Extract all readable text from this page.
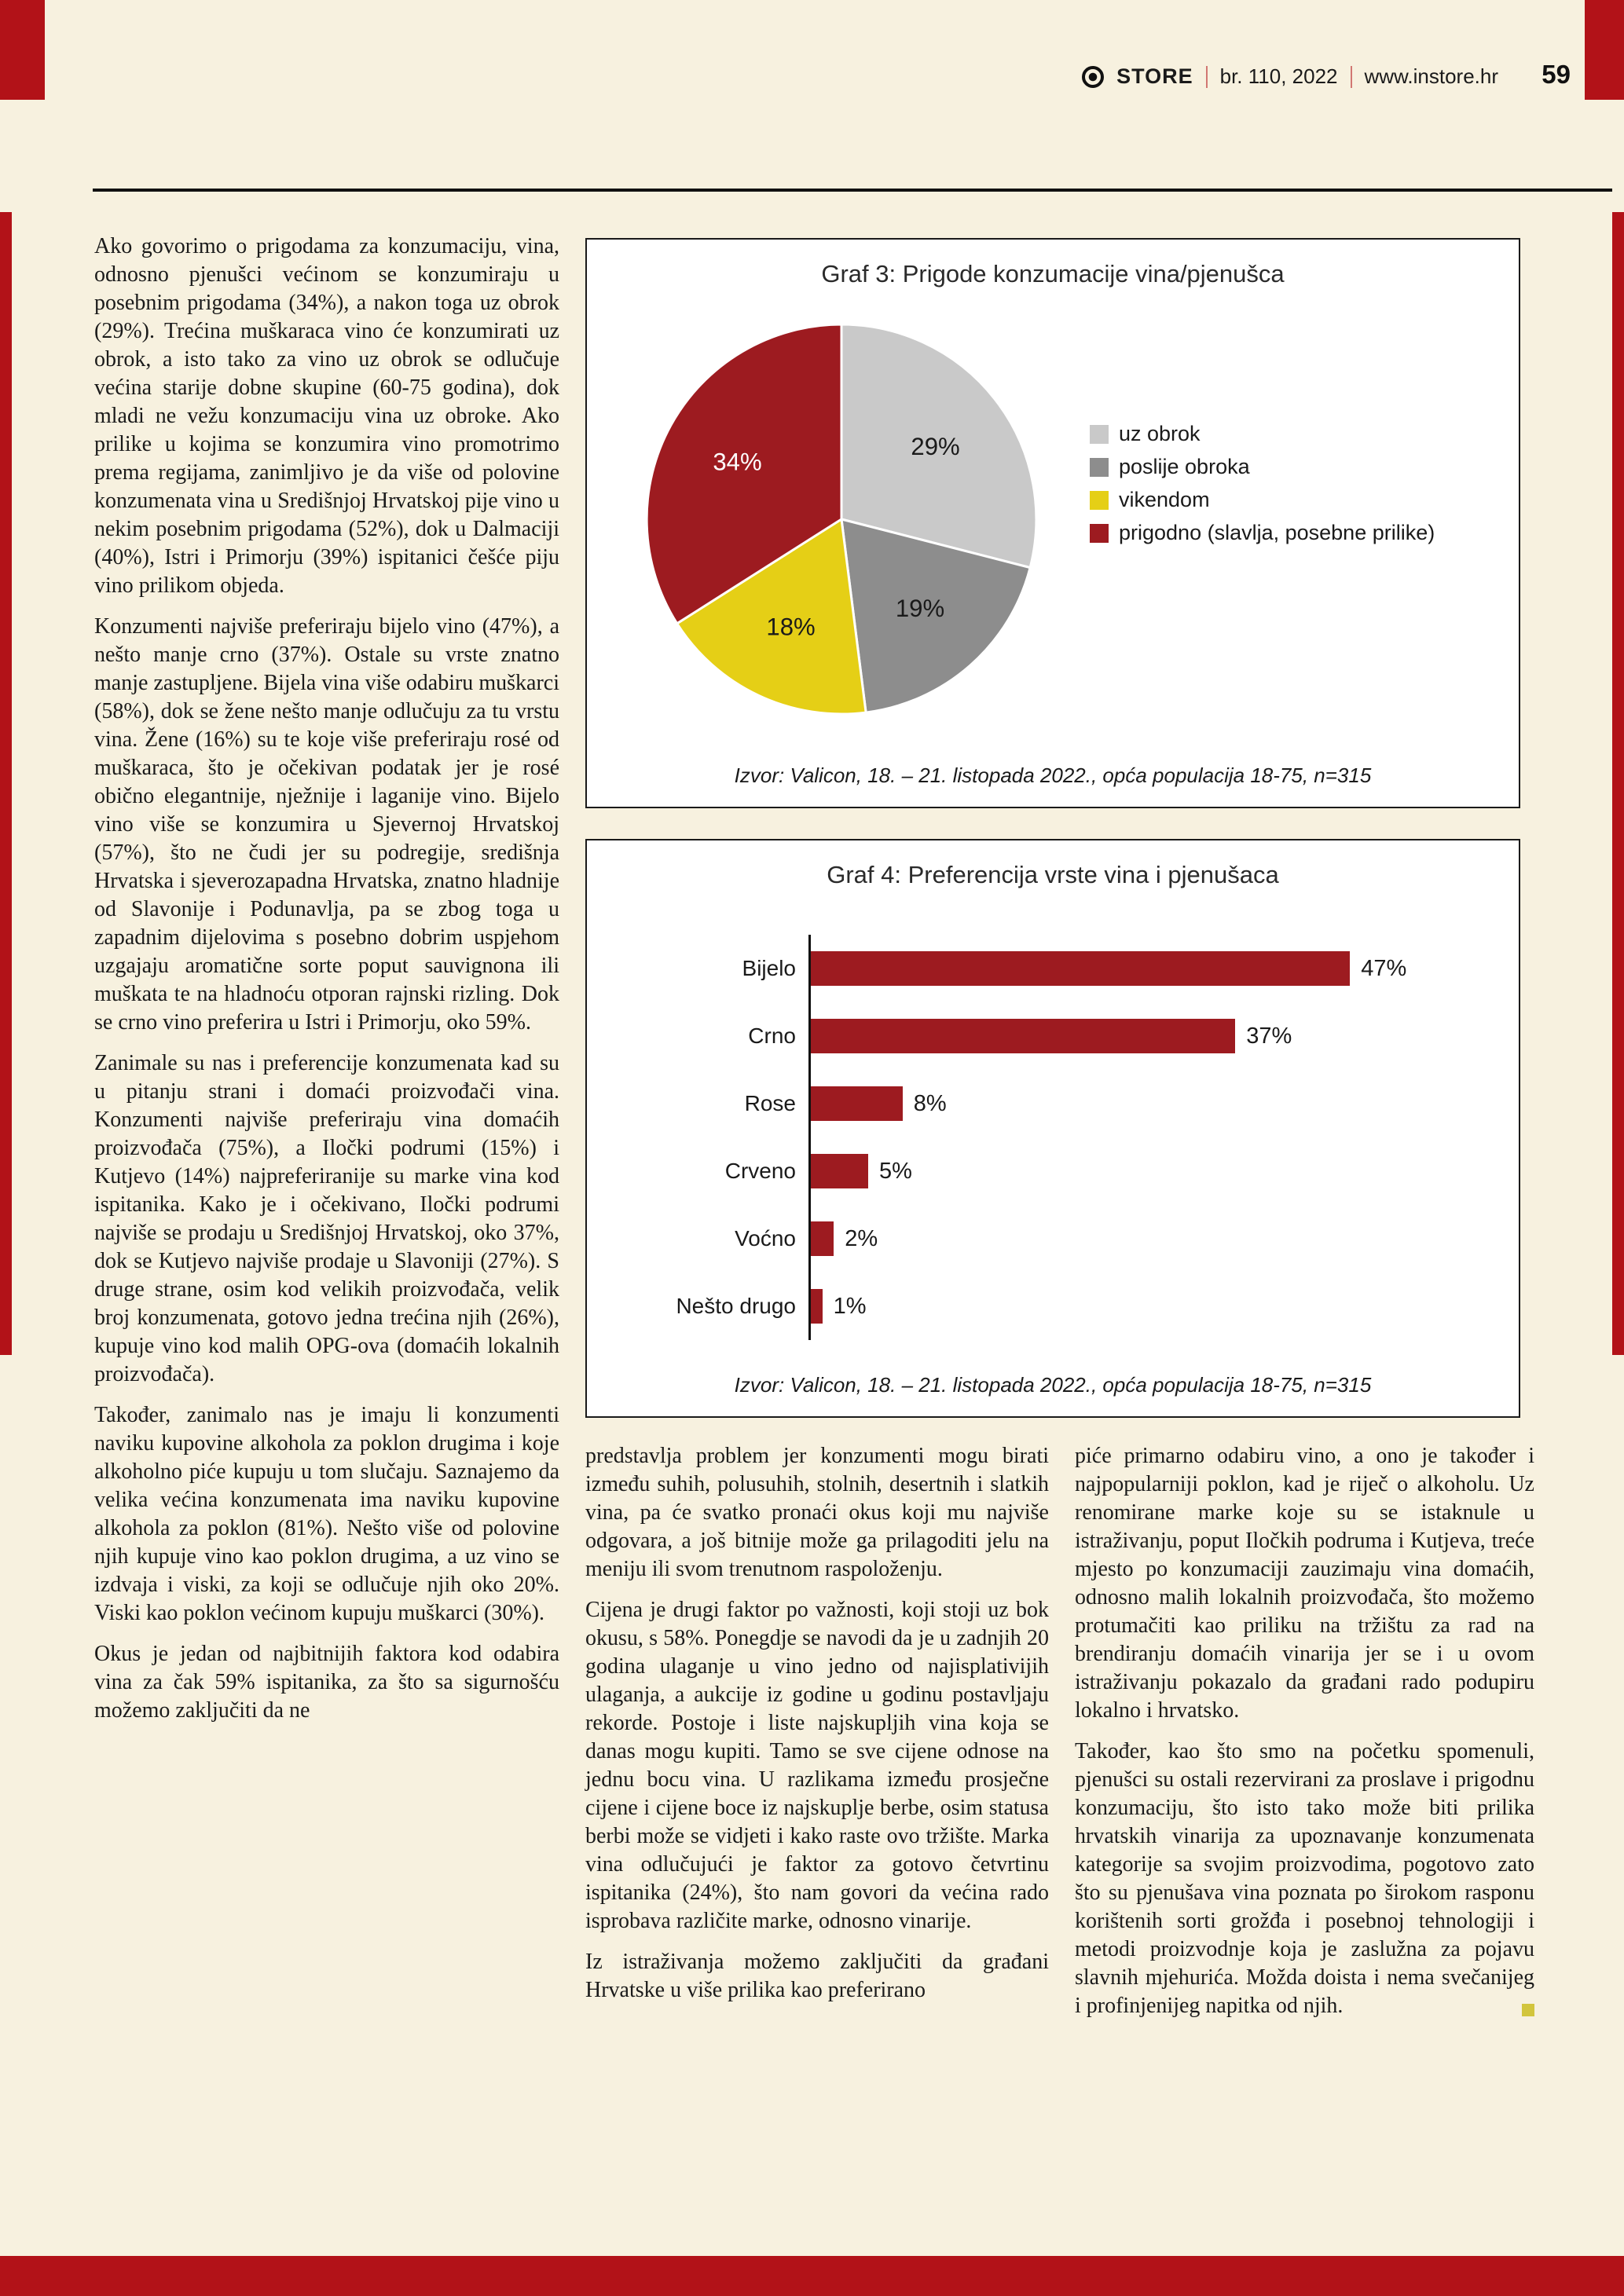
STORE br. 110, 2022 www.instore.hr 59

Ako govorimo o prigodama za konzumaciju, vina, odnosno pjenušci većinom se konzumiraju u posebnim prigodama (34%), a nakon toga uz obrok (29%). Trećina muškaraca vino će konzumirati uz obrok, a isto tako za vino uz obrok se odlučuje većina starije dobne skupine (60-75 godina), dok mladi ne vežu konzumaciju vina uz obroke. Ako prilike u kojima se konzumira vino promotrimo prema regijama, zanimljivo je da više od polovine konzumenata vina u Središnjoj Hrvatskoj pije vino u nekim posebnim prigodama (52%), dok u Dalmaciji (40%), Istri i Primorju (39%) ispitanici češće piju vino prilikom objeda.

Konzumenti najviše preferiraju bijelo vino (47%), a nešto manje crno (37%). Ostale su vrste znatno manje zastupljene. Bijela vina više odabiru muškarci (58%), dok se žene nešto manje odlučuju za tu vrstu vina. Žene (16%) su te koje više preferiraju rosé od muškaraca, što je očekivan podatak jer je rosé obično elegantnije, nježnije i laganije vino. Bijelo vino više se konzumira u Sjevernoj Hrvatskoj (57%), što ne čudi jer su podregije, središnja Hrvatska i sjeverozapadna Hrvatska, znatno hladnije od Slavonije i Podunavlja, pa se zbog toga u zapadnim dijelovima s posebno dobrim uspjehom uzgajaju aromatične sorte poput sauvignona ili muškata te na hladnoću otporan rajnski rizling. Dok se crno vino preferira u Istri i Primorju, oko 59%.

Zanimale su nas i preferencije konzumenata kad su u pitanju strani i domaći proizvođači vina. Konzumenti najviše preferiraju vina domaćih proizvođača (75%), a Iločki podrumi (15%) i Kutjevo (14%) najpreferiranije su marke vina kod ispitanika. Kako je i očekivano, Iločki podrumi najviše se prodaju u Središnjoj Hrvatskoj, oko 37%, dok se Kutjevo najviše prodaje u Slavoniji (27%). S druge strane, osim kod velikih proizvođača, velik broj konzumenata, gotovo jedna trećina njih (26%), kupuje vino kod malih OPG-ova (domaćih lokalnih proizvođača).

Također, zanimalo nas je imaju li konzumenti naviku kupovine alkohola za poklon drugima i koje alkoholno piće kupuju u tom slučaju. Saznajemo da velika većina konzumenata ima naviku kupovine alkohola za poklon (81%). Nešto više od polovine njih kupuje vino kao poklon drugima, a uz vino se izdvaja i viski, za koji se odlučuje njih oko 20%. Viski kao poklon većinom kupuju muškarci (30%).

Okus je jedan od najbitnijih faktora kod odabira vina za čak 59% ispitanika, za što sa sigurnošću možemo zaključiti da ne

Graf 3: Prigode konzumacije vina/pjenušca
29%
19%
18%
34%
uz obrok
poslije obroka
vikendom
prigodno (slavlja, posebne prilike)
Izvor: Valicon, 18. – 21. listopada 2022., opća populacija 18-75, n=315
Graf 4: Preferencija vrste vina i pjenušaca
Bijelo	47%
Crno	37%
Rose	8%
Crveno	5%
Voćno	2%
Nešto drugo	1%
Izvor: Valicon, 18. – 21. listopada 2022., opća populacija 18-75, n=315

predstavlja problem jer konzumenti mogu birati između suhih, polusuhih, stolnih, desertnih i slatkih vina, pa će svatko pronaći okus koji mu najviše odgovara, a još bitnije može ga prilagoditi jelu na meniju ili svom trenutnom raspoloženju.

Cijena je drugi faktor po važnosti, koji stoji uz bok okusu, s 58%. Ponegdje se navodi da je u zadnjih 20 godina ulaganje u vino jedno od najisplativijih ulaganja, a aukcije iz godine u godinu postavljaju rekorde. Postoje i liste najskupljih vina koja se danas mogu kupiti. Tamo se sve cijene odnose na jednu bocu vina. U razlikama između prosječne cijene i cijene boce iz najskuplje berbe, osim statusa berbi može se vidjeti i kako raste ovo tržište. Marka vina odlučujući je faktor za gotovo četvrtinu ispitanika (24%), što nam govori da većina rado isprobava različite marke, odnosno vinarije.

Iz istraživanja možemo zaključiti da građani Hrvatske u više prilika kao preferirano

piće primarno odabiru vino, a ono je također i najpopularniji poklon, kad je riječ o alkoholu. Uz renomirane marke koje su se istaknule u istraživanju, poput Iločkih podruma i Kutjeva, treće mjesto po konzumaciji zauzimaju vina domaćih, odnosno malih lokalnih proizvođača, što možemo protumačiti kao priliku na tržištu za rad na brendiranju domaćih vinarija jer se i u ovom istraživanju pokazalo da građani rado podupiru lokalno i hrvatsko.

Također, kao što smo na početku spomenuli, pjenušci su ostali rezervirani za proslave i prigodnu konzumaciju, što isto tako može biti prilika hrvatskih vinarija za upoznavanje konzumenata kategorije sa svojim proizvodima, pogotovo zato što su pjenušava vina poznata po širokom rasponu korištenih sorti grožđa i posebnoj tehnologiji i metodi proizvodnje koja je zaslužna za pojavu slavnih mjehurića. Možda doista i nema svečanijeg i profinjenijeg napitka od njih.
